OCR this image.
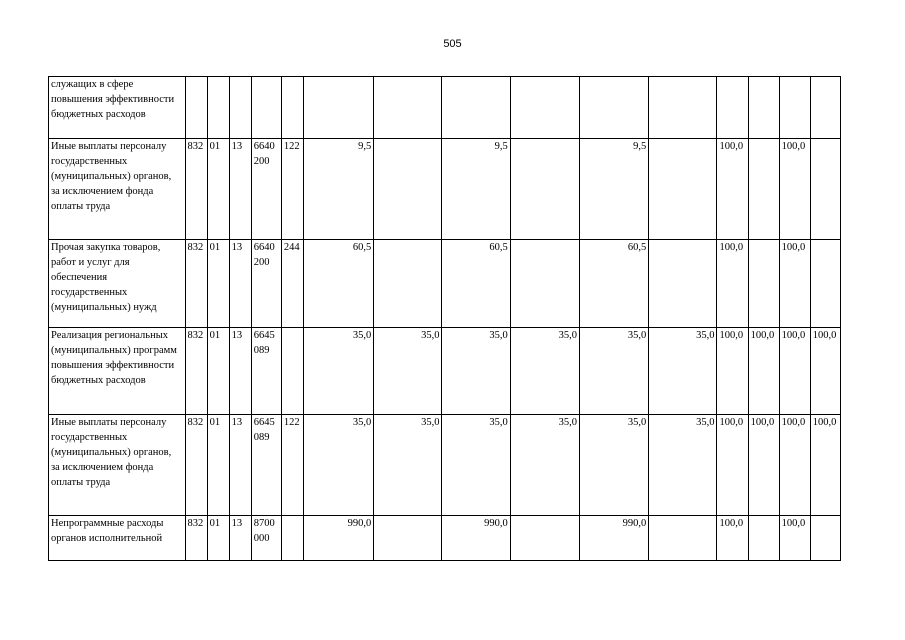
505
служащих в сфере повышения эффективности бюджетных расходов															
Иные выплаты персоналу государственных (муниципальных) органов, за исключением фонда оплаты труда	832	01	13	6640 200	122	9,5		9,5		9,5		100,0		100,0	
Прочая закупка товаров, работ и услуг для обеспечения государственных (муниципальных) нужд	832	01	13	6640 200	244	60,5		60,5		60,5		100,0		100,0	
Реализация региональных (муниципальных) программ повышения эффективности бюджетных расходов	832	01	13	6645 089		35,0	35,0	35,0	35,0	35,0	35,0	100,0	100,0	100,0	100,0
Иные выплаты персоналу государственных (муниципальных) органов, за исключением фонда оплаты труда	832	01	13	6645 089	122	35,0	35,0	35,0	35,0	35,0	35,0	100,0	100,0	100,0	100,0
Непрограммные расходы органов исполнительной	832	01	13	8700 000		990,0		990,0		990,0		100,0		100,0	
